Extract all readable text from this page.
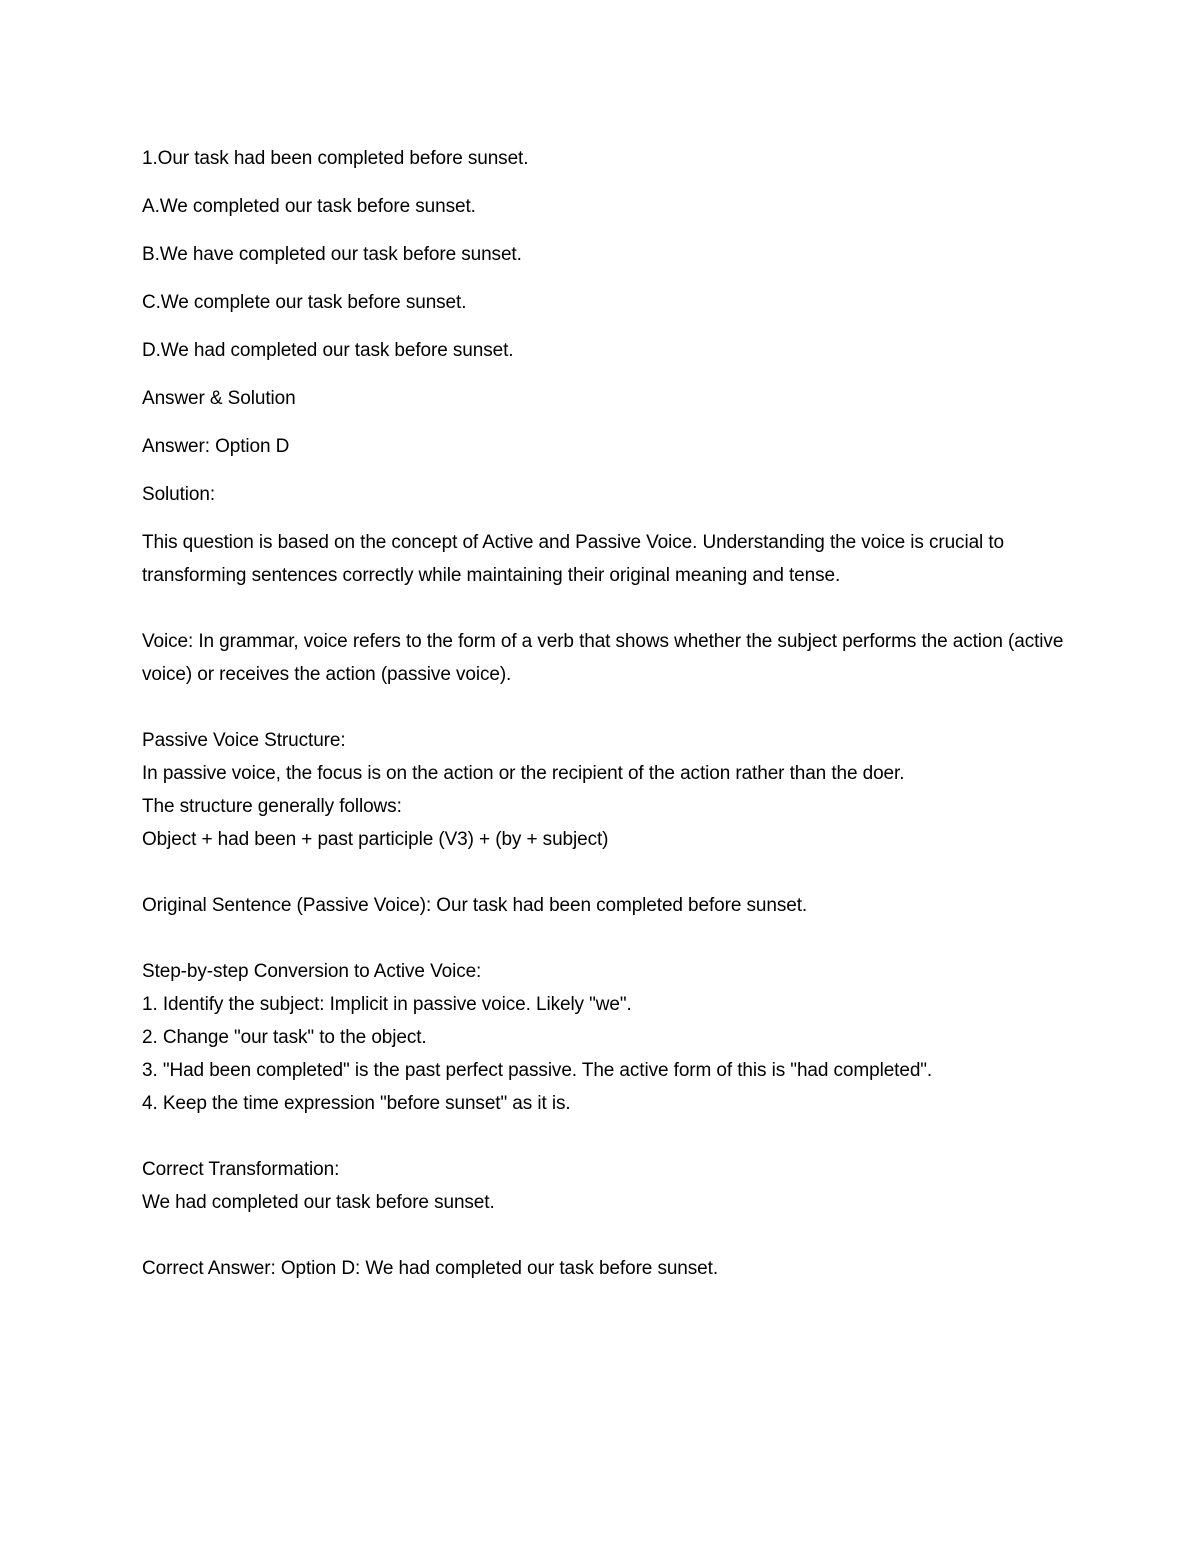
1.Our task had been completed before sunset.

A.We completed our task before sunset.

B.We have completed our task before sunset.

C.We complete our task before sunset.

D.We had completed our task before sunset.

Answer & Solution

Answer: Option D

Solution:

This question is based on the concept of Active and Passive Voice. Understanding the voice is crucial to transforming sentences correctly while maintaining their original meaning and tense.
Voice: In grammar, voice refers to the form of a verb that shows whether the subject performs the action (active voice) or receives the action (passive voice).
Passive Voice Structure:
In passive voice, the focus is on the action or the recipient of the action rather than the doer.
The structure generally follows:
Object + had been + past participle (V3) + (by + subject)
Original Sentence (Passive Voice): Our task had been completed before sunset.
Step-by-step Conversion to Active Voice:
1. Identify the subject: Implicit in passive voice. Likely "we".
2. Change "our task" to the object.
3. "Had been completed" is the past perfect passive. The active form of this is "had completed".
4. Keep the time expression "before sunset" as it is.
Correct Transformation:
We had completed our task before sunset.
Correct Answer: Option D: We had completed our task before sunset.
